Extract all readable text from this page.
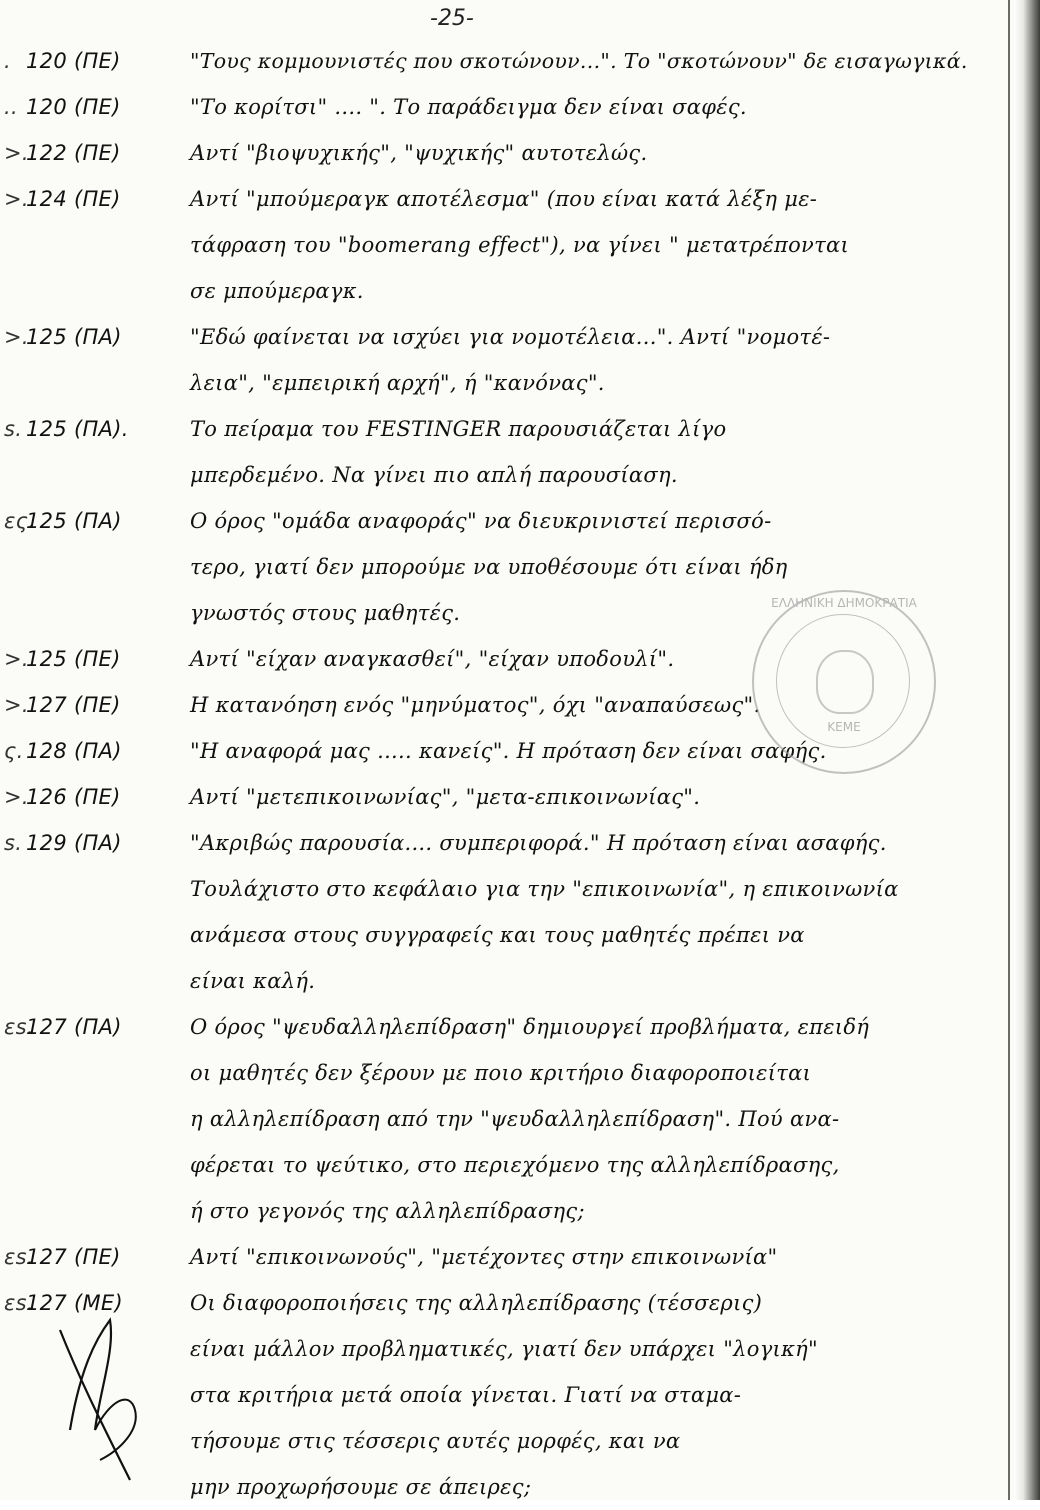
-25-
. 120 (ΠΕ)	"Τους κομμουνιστές που σκοτώνουν...". Το "σκοτώνουν" δε εισαγωγικά.
.. 120 (ΠΕ)	"Το κορίτσι" .... ". Το παράδειγμα δεν είναι σαφές.
>.122 (ΠΕ)	Αντί "βιοψυχικής", "ψυχικής" αυτοτελώς.
>.124 (ΠΕ)	Αντί "μπούμεραγκ αποτέλεσμα" (που είναι κατά λέξη με-
τάφραση του "boomerang effect"), να γίνει " μετατρέπονται
σε μπούμεραγκ.
>.125 (ΠΑ)	"Εδώ φαίνεται να ισχύει για νομοτέλεια...". Αντί "νομοτέ-
λεια", "εμπειρική αρχή", ή "κανόνας".
s. 125 (ΠΑ).	Το πείραμα του FESTINGER παρουσιάζεται λίγο
μπερδεμένο. Να γίνει πιο απλή παρουσίαση.
ες.125 (ΠΑ)	Ο όρος "ομάδα αναφοράς" να διευκρινιστεί περισσό-
τερο, γιατί δεν μπορούμε να υποθέσουμε ότι είναι ήδη
γνωστός στους μαθητές.
>.125 (ΠΕ)	Αντί "είχαν αναγκασθεί", "είχαν υποδουλί".
>.127 (ΠΕ)	Η κατανόηση ενός "μηνύματος", όχι "αναπαύσεως".
ς. 128 (ΠΑ)	"Η αναφορά μας ..... κανείς". Η πρόταση δεν είναι σαφής.
>.126 (ΠΕ)	Αντί "μετεπικοινωνίας", "μετα-επικοινωνίας".
s. 129 (ΠΑ)	"Ακριβώς παρουσία.... συμπεριφορά." Η πρόταση είναι ασαφής.
Τουλάχιστο στο κεφάλαιο για την "επικοινωνία", η επικοινωνία
ανάμεσα στους συγγραφείς και τους μαθητές πρέπει να
είναι καλή.
εs.127 (ΠΑ)	Ο όρος "ψευδαλληλεπίδραση" δημιουργεί προβλήματα, επειδή
οι μαθητές δεν ξέρουν με ποιο κριτήριο διαφοροποιείται
η αλληλεπίδραση από την "ψευδαλληλεπίδραση". Πού ανα-
φέρεται το ψεύτικο, στο περιεχόμενο της αλληλεπίδρασης,
ή στο γεγονός της αλληλεπίδρασης;
εs.127 (ΠΕ)	Αντί "επικοινωνούς", "μετέχοντες στην επικοινωνία"
εs.127 (ΜΕ)	Οι διαφοροποιήσεις της αλληλεπίδρασης (τέσσερις)
είναι μάλλον προβληματικές, γιατί δεν υπάρχει "λογική"
στα κριτήρια μετά οποία γίνεται. Γιατί να σταμα-
τήσουμε στις τέσσερις αυτές μορφές, και να
μην προχωρήσουμε σε άπειρες;
ΕΛΛΗΝΙΚΗ ΔΗΜΟΚΡΑΤΙΑ
ΚΕΜΕ
